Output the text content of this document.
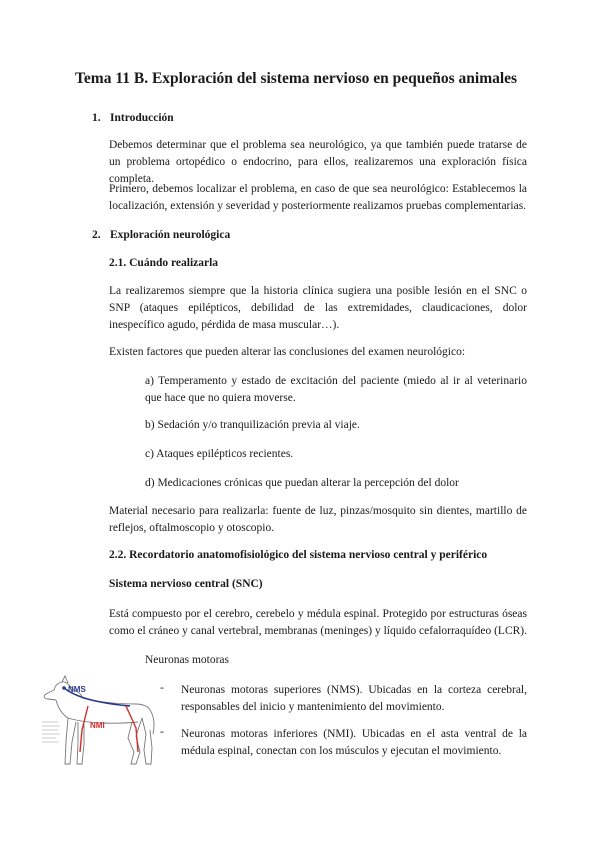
Tema 11 B. Exploración del sistema nervioso en pequeños animales
1. Introducción
Debemos determinar que el problema sea neurológico, ya que también puede tratarse de un problema ortopédico o endocrino, para ellos, realizaremos una exploración física completa.
Primero, debemos localizar el problema, en caso de que sea neurológico: Establecemos la localización, extensión y severidad y posteriormente realizamos pruebas complementarias.
2. Exploración neurológica
2.1. Cuándo realizarla
La realizaremos siempre que la historia clínica sugiera una posible lesión en el SNC o SNP (ataques epilépticos, debilidad de las extremidades, claudicaciones, dolor inespecífico agudo, pérdida de masa muscular…).
Existen factores que pueden alterar las conclusiones del examen neurológico:
a) Temperamento y estado de excitación del paciente (miedo al ir al veterinario que hace que no quiera moverse.
b) Sedación y/o tranquilización previa al viaje.
c) Ataques epilépticos recientes.
d) Medicaciones crónicas que puedan alterar la percepción del dolor
Material necesario para realizarla: fuente de luz, pinzas/mosquito sin dientes, martillo de reflejos, oftalmoscopio y otoscopio.
2.2. Recordatorio anatomofisiológico del sistema nervioso central y periférico
Sistema nervioso central (SNC)
Está compuesto por el cerebro, cerebelo y médula espinal. Protegido por estructuras óseas como el cráneo y canal vertebral, membranas (meninges) y líquido cefalorraquídeo (LCR).
Neuronas motoras
- Neuronas motoras superiores (NMS). Ubicadas en la corteza cerebral, responsables del inicio y mantenimiento del movimiento.
- Neuronas motoras inferiores (NMI). Ubicadas en el asta ventral de la médula espinal, conectan con los músculos y ejecutan el movimiento.
NMS
NMI
